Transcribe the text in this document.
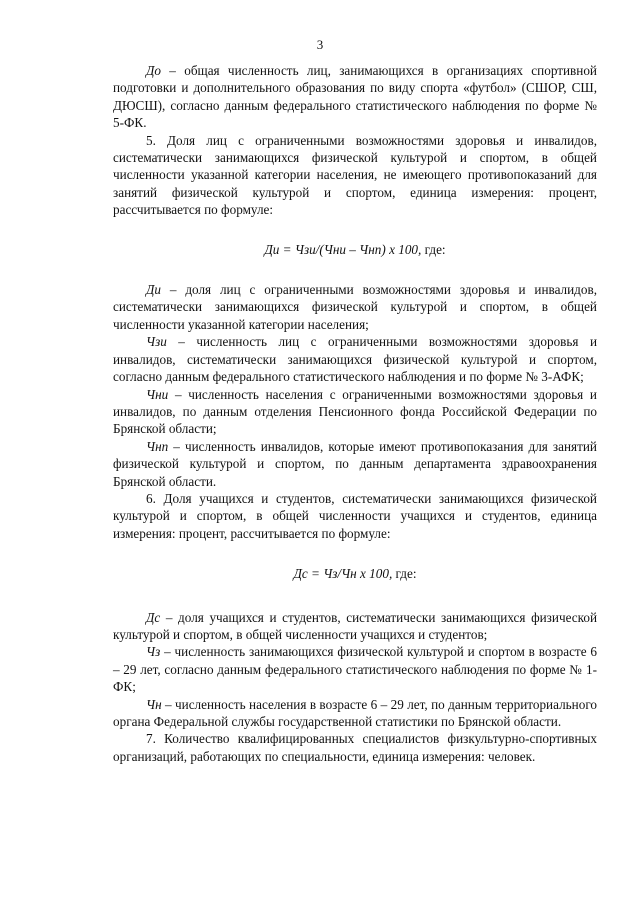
3

До – общая численность лиц, занимающихся в организациях спортивной подготовки и дополнительного образования по виду спорта «футбол» (СШОР, СШ, ДЮСШ), согласно данным федерального статистического наблюдения по форме № 5-ФК.

5. Доля лиц с ограниченными возможностями здоровья и инвалидов, систематически занимающихся физической культурой и спортом, в общей численности указанной категории населения, не имеющего противопоказаний для занятий физической культурой и спортом, единица измерения: процент, рассчитывается по формуле:

Ди = Чзи/(Чни – Чнп) х 100, где:

Ди – доля лиц с ограниченными возможностями здоровья и инвалидов, систематически занимающихся физической культурой и спортом, в общей численности указанной категории населения;

Чзи – численность лиц с ограниченными возможностями здоровья и инвалидов, систематически занимающихся физической культурой и спортом, согласно данным федерального статистического наблюдения и по форме № 3-АФК;

Чни – численность населения с ограниченными возможностями здоровья и инвалидов, по данным отделения Пенсионного фонда Российской Федерации по Брянской области;

Чнп – численность инвалидов, которые имеют противопоказания для занятий физической культурой и спортом, по данным департамента здравоохранения Брянской области.

6. Доля учащихся и студентов, систематически занимающихся физической культурой и спортом, в общей численности учащихся и студентов, единица измерения: процент, рассчитывается по формуле:

Дс = Чз/Чн х 100, где:

Дс – доля учащихся и студентов, систематически занимающихся физической культурой и спортом, в общей численности учащихся и студентов;

Чз – численность занимающихся физической культурой и спортом в возрасте 6 – 29 лет, согласно данным федерального статистического наблюдения по форме № 1-ФК;

Чн – численность населения в возрасте 6 – 29 лет, по данным территориального органа Федеральной службы государственной статистики по Брянской области.

7. Количество квалифицированных специалистов физкультурно-спортивных организаций, работающих по специальности, единица измерения: человек.
